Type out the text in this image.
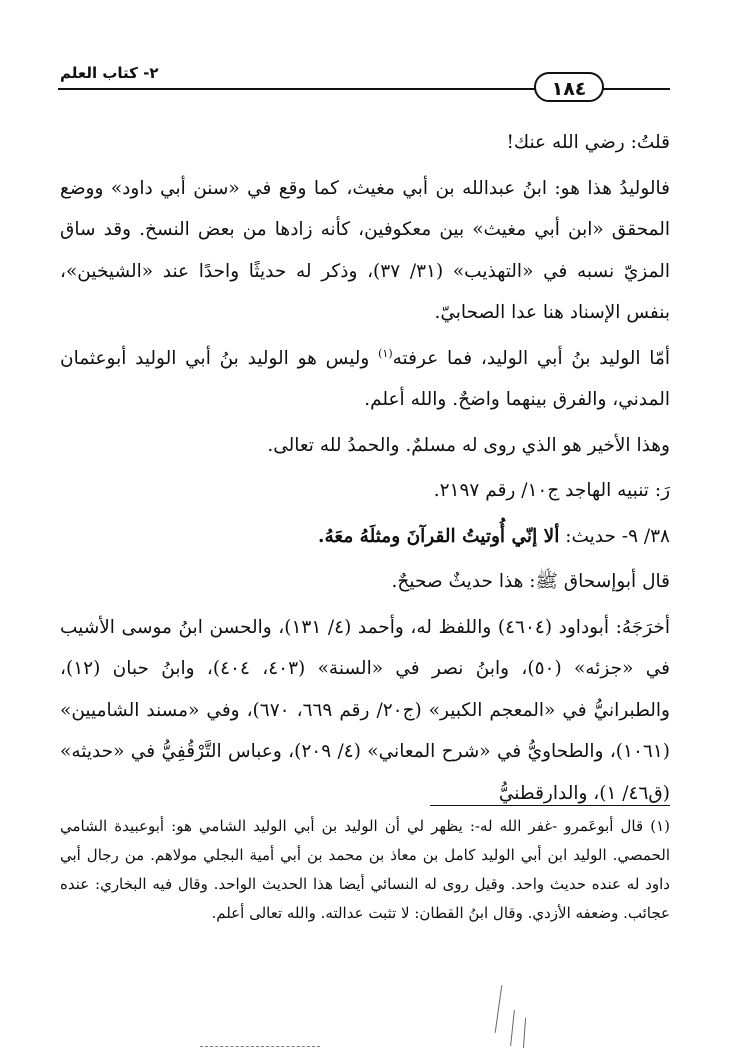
٢- كتاب العلم
١٨٤

قلتُ: رضي الله عنك!

فالوليدُ هذا هو: ابنُ عبدالله بن أبي مغيث، كما وقع في «سنن أبي داود» ووضع المحقق «ابن أبي مغيث» بين معكوفين، كأنه زادها من بعض النسخ. وقد ساق المزيّ نسبه في «التهذيب» (٣١/ ٣٧)، وذكر له حديثًا واحدًا عند «الشيخين»، بنفس الإسناد هنا عدا الصحابيّ.

أمّا الوليد بنُ أبي الوليد، فما عرفته$^{(١)}$ وليس هو الوليد بنُ أبي الوليد أبوعثمان المدني، والفرق بينهما واضحٌ. والله أعلم.

وهذا الأخير هو الذي روى له مسلمٌ. والحمدُ لله تعالى.

رَ: تنبيه الهاجد ج١٠/ رقم ٢١٩٧.

٣٨/ ٩- حديث: ألا إنّي أُوتيتُ القرآنَ ومثلَهُ معَهُ.

قال أبوإسحاق ﷺ: هذا حديثٌ صحيحٌ.

أخرَجَهُ: أبوداود (٤٦٠٤) واللفظ له، وأحمد (٤/ ١٣١)، والحسن ابنُ موسى الأشيب في «جزئه» (٥٠)، وابنُ نصر في «السنة» (٤٠٣، ٤٠٤)، وابنُ حبان (١٢)، والطبرانيُّ في «المعجم الكبير» (ج٢٠/ رقم ٦٦٩، ٦٧٠)، وفي «مسند الشاميين» (١٠٦١)، والطحاويُّ في «شرح المعاني» (٤/ ٢٠٩)، وعباس التَّرْقُفِيُّ في «حديثه» (ق٤٦/ ١)، والدارقطنيُّ

(١) قال أبوعَمرو -غفر الله له-: يظهر لي أن الوليد بن أبي الوليد الشامي هو: أبوعبيدة الشامي الحمصي. الوليد ابن أبي الوليد كامل بن معاذ بن محمد بن أبي أمية البجلي مولاهم. من رجال أبي داود له عنده حديث واحد. وقيل روى له النسائي أيضا هذا الحديث الواحد. وقال فيه البخاري: عنده عجائب. وضعفه الأزدي. وقال ابنُ القطان: لا تثبت عدالته. والله تعالى أعلم.
